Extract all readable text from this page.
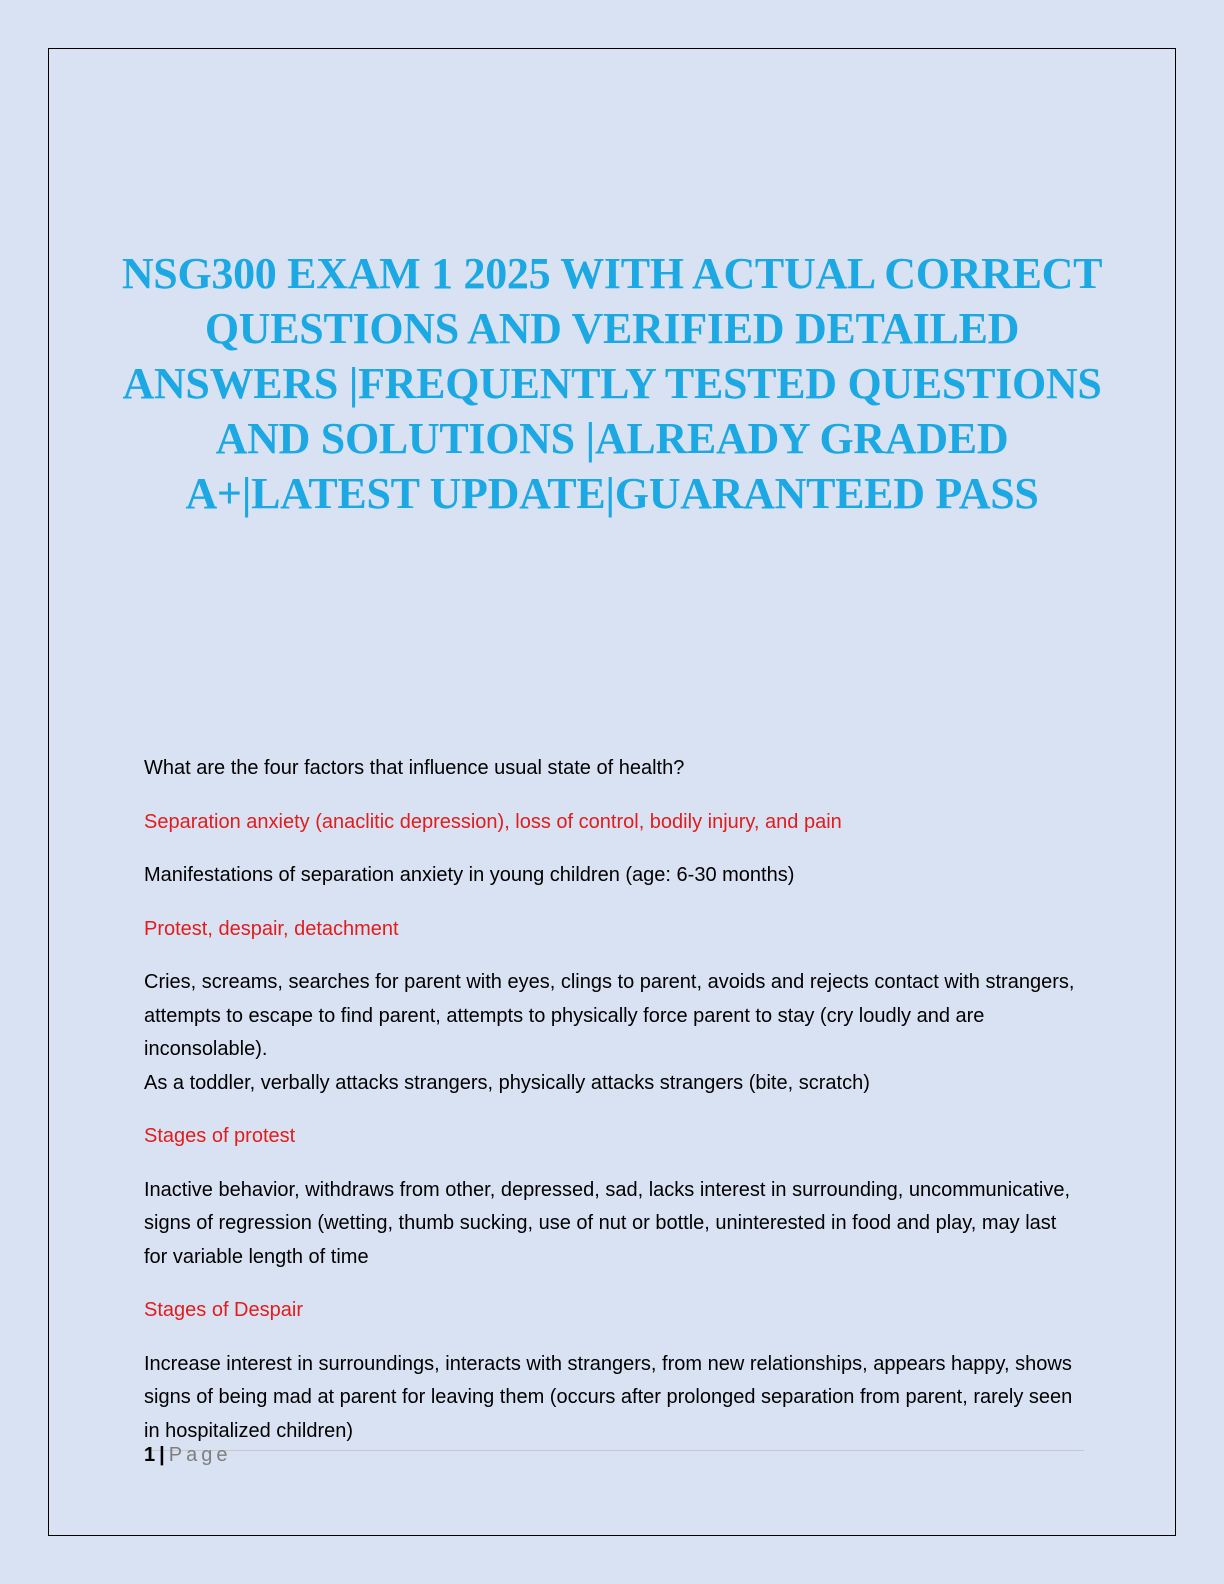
NSG300 EXAM 1 2025 WITH ACTUAL CORRECT QUESTIONS AND VERIFIED DETAILED ANSWERS |FREQUENTLY TESTED QUESTIONS AND SOLUTIONS |ALREADY GRADED A+|LATEST UPDATE|GUARANTEED PASS

What are the four factors that influence usual state of health?

Separation anxiety (anaclitic depression), loss of control, bodily injury, and pain

Manifestations of separation anxiety in young children (age: 6-30 months)

Protest, despair, detachment

Cries, screams, searches for parent with eyes, clings to parent, avoids and rejects contact with strangers, attempts to escape to find parent, attempts to physically force parent to stay (cry loudly and are inconsolable).

As a toddler, verbally attacks strangers, physically attacks strangers (bite, scratch)

Stages of protest

Inactive behavior, withdraws from other, depressed, sad, lacks interest in surrounding, uncommunicative, signs of regression (wetting, thumb sucking, use of nut or bottle, uninterested in food and play, may last for variable length of time

Stages of Despair

Increase interest in surroundings, interacts with strangers, from new relationships, appears happy, shows signs of being mad at parent for leaving them (occurs after prolonged separation from parent, rarely seen in hospitalized children)

1 | Page
